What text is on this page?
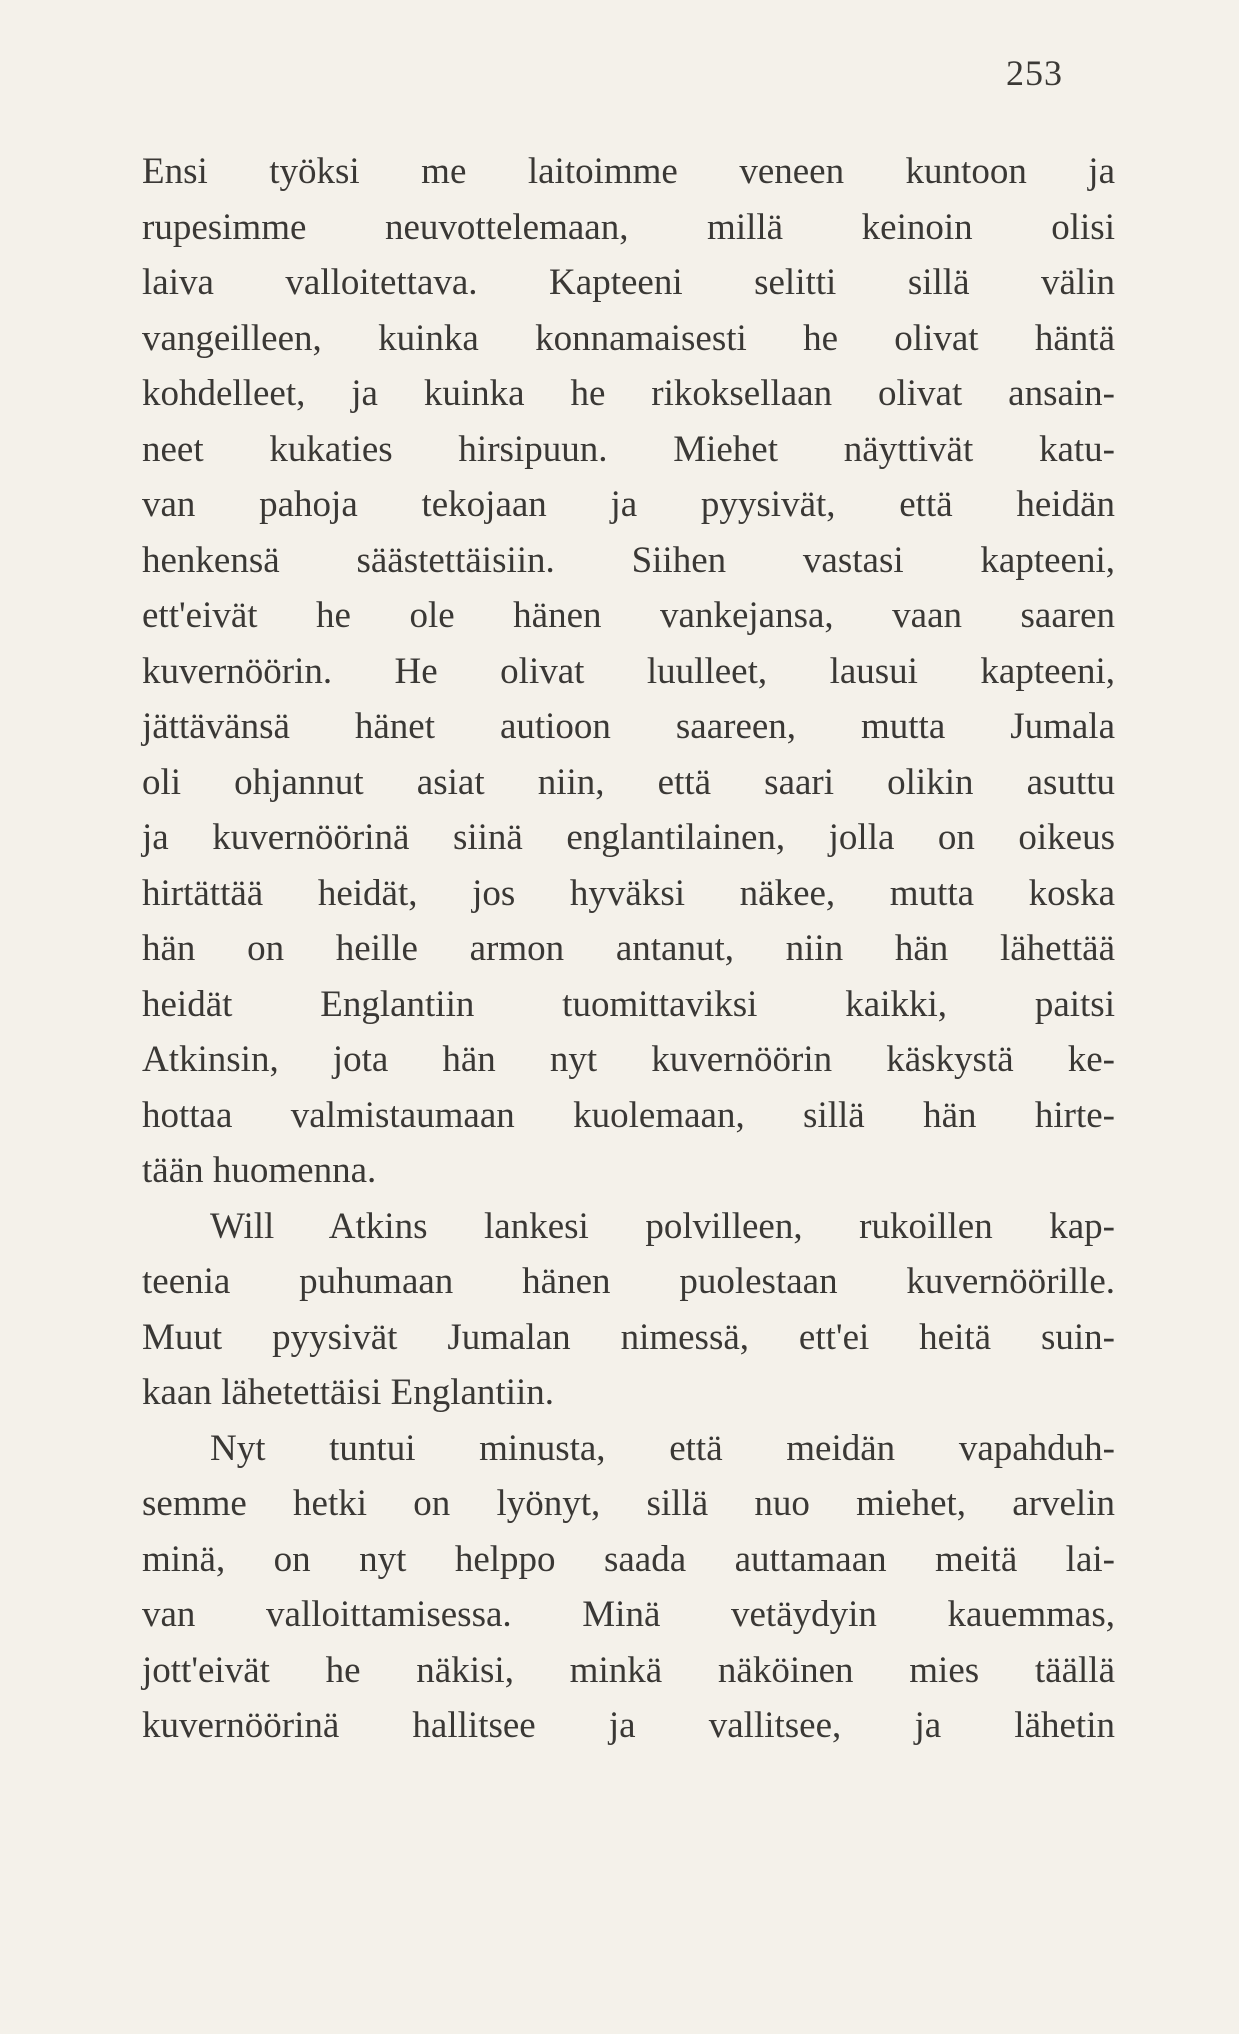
253
Ensi työksi me laitoimme veneen kuntoon ja
rupesimme neuvottelemaan, millä keinoin olisi
laiva valloitettava. Kapteeni selitti sillä välin
vangeilleen, kuinka konnamaisesti he olivat häntä
kohdelleet, ja kuinka he rikoksellaan olivat ansain-
neet kukaties hirsipuun. Miehet näyttivät katu-
van pahoja tekojaan ja pyysivät, että heidän
henkensä säästettäisiin. Siihen vastasi kapteeni,
ett'eivät he ole hänen vankejansa, vaan saaren
kuvernöörin. He olivat luulleet, lausui kapteeni,
jättävänsä hänet autioon saareen, mutta Jumala
oli ohjannut asiat niin, että saari olikin asuttu
ja kuvernöörinä siinä englantilainen, jolla on oikeus
hirtättää heidät, jos hyväksi näkee, mutta koska
hän on heille armon antanut, niin hän lähettää
heidät Englantiin tuomittaviksi kaikki, paitsi
Atkinsin, jota hän nyt kuvernöörin käskystä ke-
hottaa valmistaumaan kuolemaan, sillä hän hirte-
tään huomenna.
Will Atkins lankesi polvilleen, rukoillen kap-
teenia puhumaan hänen puolestaan kuvernöörille.
Muut pyysivät Jumalan nimessä, ett'ei heitä suin-
kaan lähetettäisi Englantiin.
Nyt tuntui minusta, että meidän vapahduh-
semme hetki on lyönyt, sillä nuo miehet, arvelin
minä, on nyt helppo saada auttamaan meitä lai-
van valloittamisessa. Minä vetäydyin kauemmas,
jott'eivät he näkisi, minkä näköinen mies täällä
kuvernöörinä hallitsee ja vallitsee, ja lähetin
